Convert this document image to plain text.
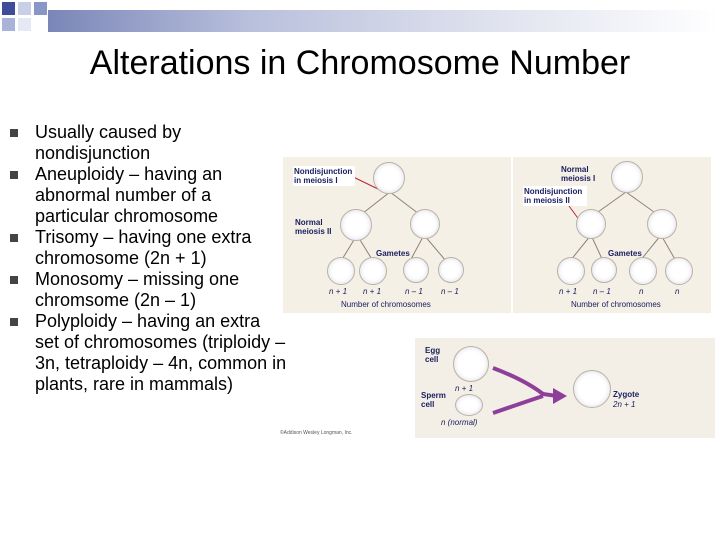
Alterations in Chromosome Number
Usually caused by nondisjunction
Aneuploidy – having an abnormal number of a particular chromosome
Trisomy – having one extra chromosome (2n + 1)
Monosomy – missing one chromsome (2n – 1)
Polyploidy – having an extra set of chromosomes (triploidy – 3n, tetraploidy – 4n, common in plants, rare in mammals)
Nondisjunction in meiosis I
Normal meiosis II
Gametes
n + 1 n + 1	n – 1 n – 1
Number of chromosomes
Normal meiosis I
Nondisjunction in meiosis II
Gametes
n + 1 n – 1	n	n
Number of chromosomes
Egg cell
n + 1
Sperm cell
n (normal)
Zygote
2n + 1
©Addison Wesley Longman, Inc.
